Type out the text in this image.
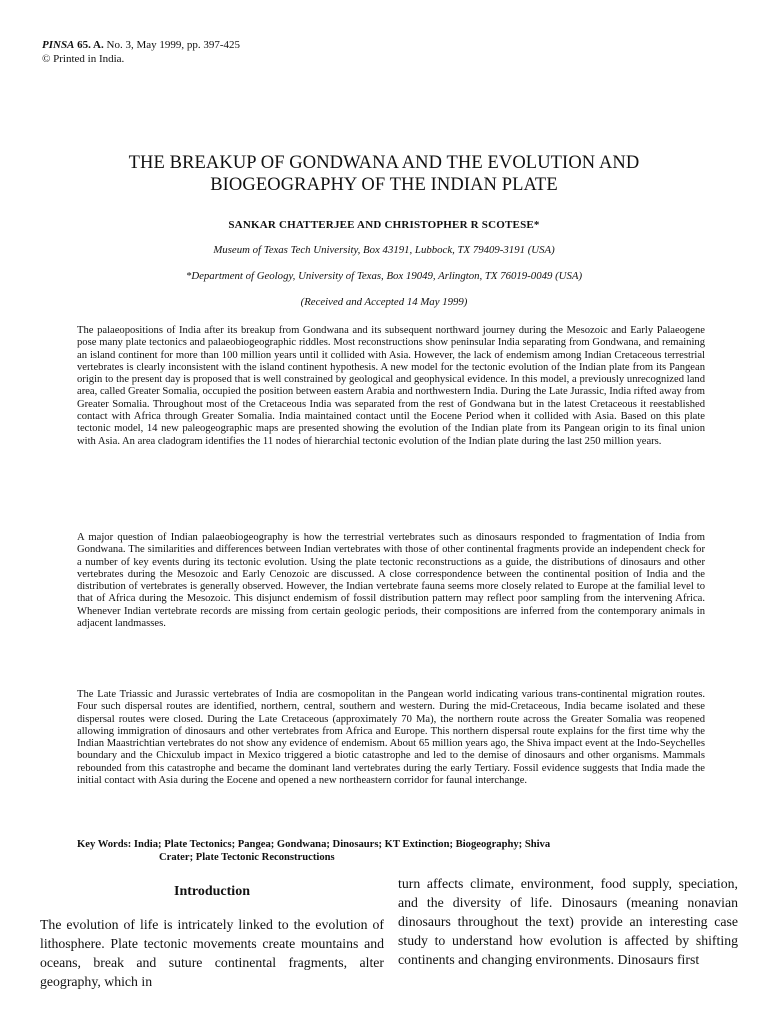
PINSA 65. A. No. 3, May 1999, pp. 397-425
© Printed in India.
THE BREAKUP OF GONDWANA AND THE EVOLUTION AND
BIOGEOGRAPHY OF THE INDIAN PLATE
SANKAR CHATTERJEE AND CHRISTOPHER R SCOTESE*
Museum of Texas Tech University, Box 43191, Lubbock, TX 79409-3191 (USA)
*Department of Geology, University of Texas, Box 19049, Arlington, TX 76019-0049 (USA)
(Received and Accepted 14 May 1999)

The palaeopositions of India after its breakup from Gondwana and its subsequent northward journey during the Mesozoic and Early Palaeogene pose many plate tectonics and palaeobiogeographic riddles. Most reconstructions show peninsular India separating from Gondwana, and remaining an island continent for more than 100 million years until it collided with Asia. However, the lack of endemism among Indian Cretaceous terrestrial vertebrates is clearly inconsistent with the island continent hypothesis. A new model for the tectonic evolution of the Indian plate from its Pangean origin to the present day is proposed that is well constrained by geological and geophysical evidence. In this model, a previously unrecognized land area, called Greater Somalia, occupied the position between eastern Arabia and northwestern India. During the Late Jurassic, India rifted away from Greater Somalia. Throughout most of the Cretaceous India was separated from the rest of Gondwana but in the latest Cretaceous it reestablished contact with Africa through Greater Somalia. India maintained contact until the Eocene Period when it collided with Asia. Based on this plate tectonic model, 14 new paleogeographic maps are presented showing the evolution of the Indian plate from its Pangean origin to its final union with Asia. An area cladogram identifies the 11 nodes of hierarchial tectonic evolution of the Indian plate during the last 250 million years.

A major question of Indian palaeobiogeography is how the terrestrial vertebrates such as dinosaurs responded to fragmentation of India from Gondwana. The similarities and differences between Indian vertebrates with those of other continental fragments provide an independent check for a number of key events during its tectonic evolution. Using the plate tectonic reconstructions as a guide, the distributions of dinosaurs and other vertebrates during the Mesozoic and Early Cenozoic are discussed. A close correspondence between the continental position of India and the distribution of vertebrates is generally observed. However, the Indian vertebrate fauna seems more closely related to Europe at the familial level to that of Africa during the Mesozoic. This disjunct endemism of fossil distribution pattern may reflect poor sampling from the intervening Africa. Whenever Indian vertebrate records are missing from certain geologic periods, their compositions are inferred from the contemporary animals in adjacent landmasses.

The Late Triassic and Jurassic vertebrates of India are cosmopolitan in the Pangean world indicating various trans-continental migration routes. Four such dispersal routes are identified, northern, central, southern and western. During the mid-Cretaceous, India became isolated and these dispersal routes were closed. During the Late Cretaceous (approximately 70 Ma), the northern route across the Greater Somalia was reopened allowing immigration of dinosaurs and other vertebrates from Africa and Europe. This northern dispersal route explains for the first time why the Indian Maastrichtian vertebrates do not show any evidence of endemism. About 65 million years ago, the Shiva impact event at the Indo-Seychelles boundary and the Chicxulub impact in Mexico triggered a biotic catastrophe and led to the demise of dinosaurs and other organisms. Mammals rebounded from this catastrophe and became the dominant land vertebrates during the early Tertiary. Fossil evidence suggests that India made the initial contact with Asia during the Eocene and opened a new northeastern corridor for faunal interchange.

Key Words: India; Plate Tectonics; Pangea; Gondwana; Dinosaurs; KT Extinction; Biogeography; Shiva
Crater; Plate Tectonic Reconstructions
Introduction

The evolution of life is intricately linked to the evolution of lithosphere. Plate tectonic movements create mountains and oceans, break and suture continental fragments, alter geography, which in

turn affects climate, environment, food supply, speciation, and the diversity of life. Dinosaurs (meaning nonavian dinosaurs throughout the text) provide an interesting case study to understand how evolution is affected by shifting continents and changing environments. Dinosaurs first
